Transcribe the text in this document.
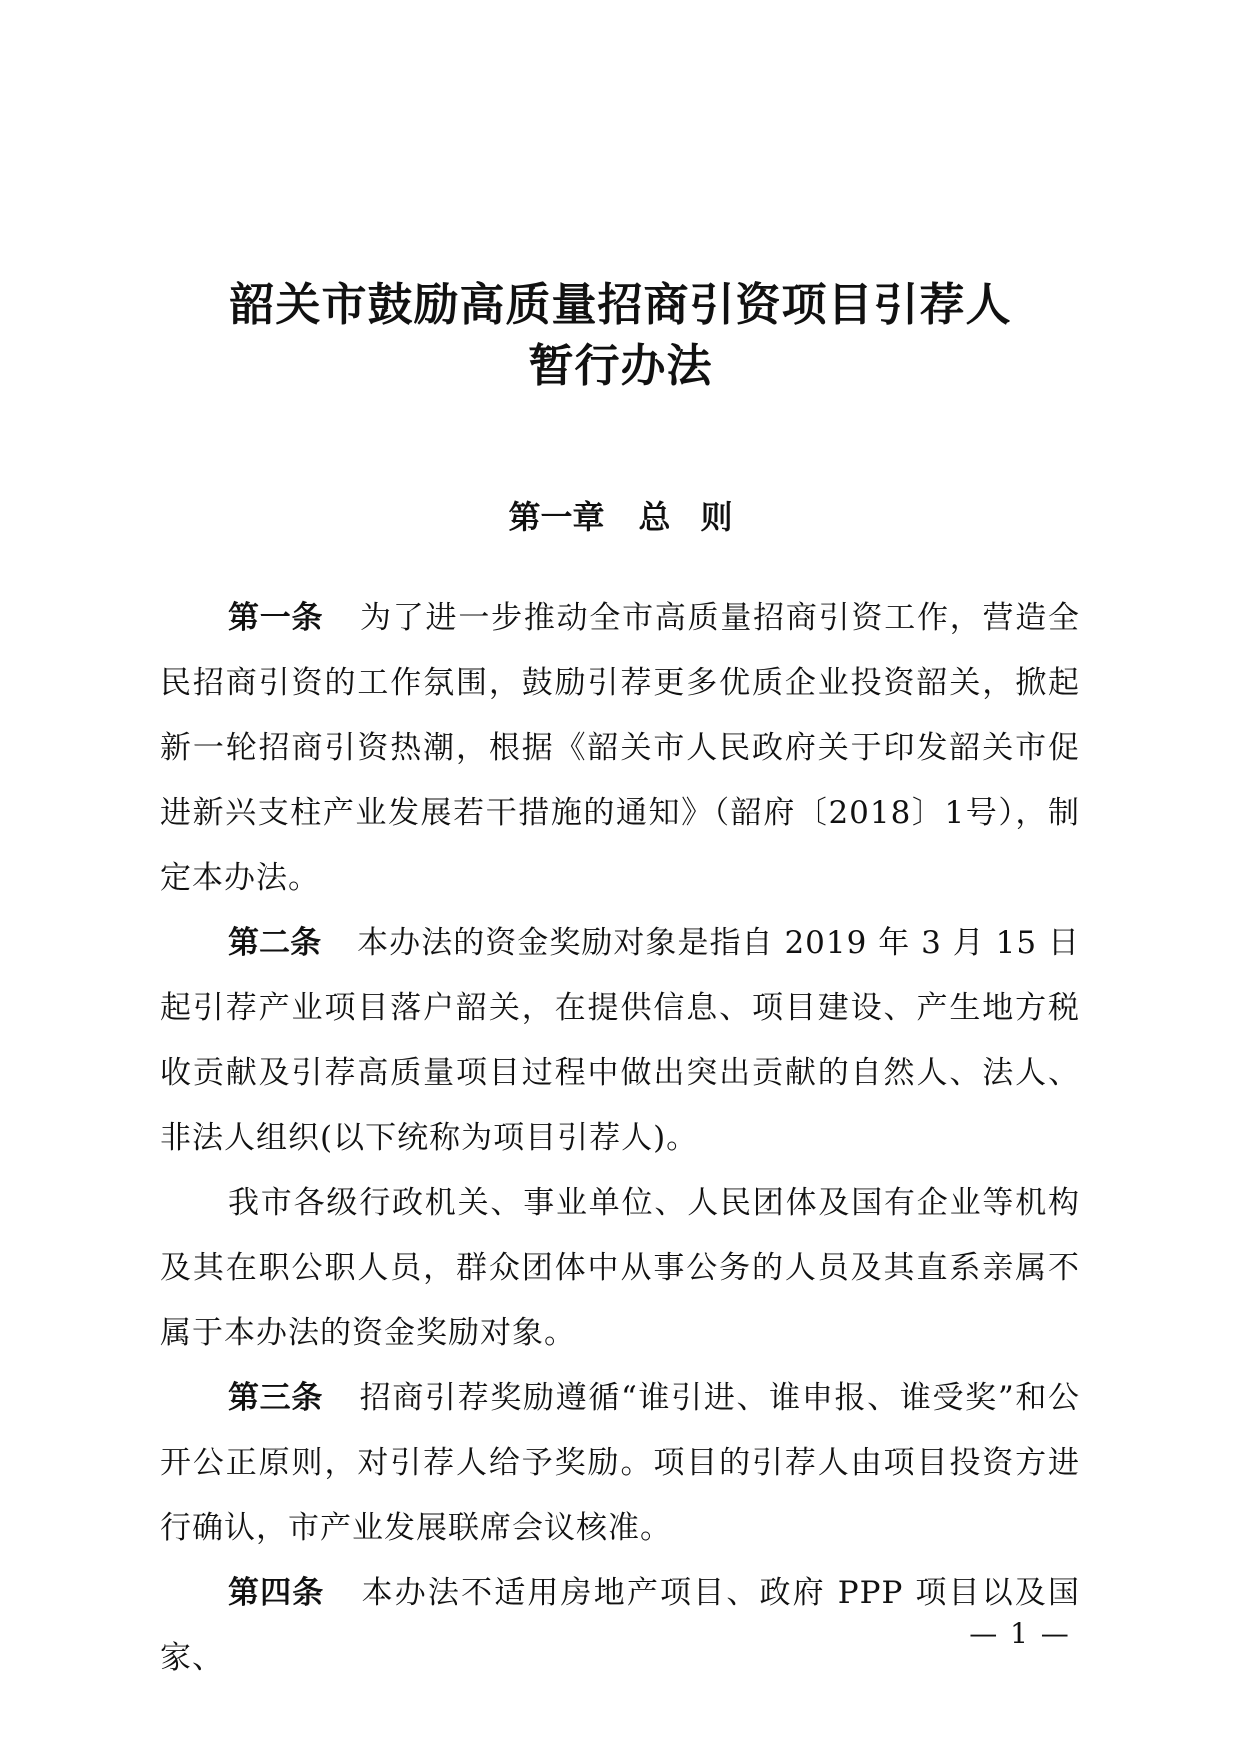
韶关市鼓励高质量招商引资项目引荐人
暂行办法
第一章 总 则

第一条 为了进一步推动全市高质量招商引资工作，营造全民招商引资的工作氛围，鼓励引荐更多优质企业投资韶关，掀起新一轮招商引资热潮，根据《韶关市人民政府关于印发韶关市促进新兴支柱产业发展若干措施的通知》（韶府〔2018〕1号），制定本办法。

第二条 本办法的资金奖励对象是指自 2019 年 3 月 15 日起引荐产业项目落户韶关，在提供信息、项目建设、产生地方税收贡献及引荐高质量项目过程中做出突出贡献的自然人、法人、非法人组织(以下统称为项目引荐人)。

我市各级行政机关、事业单位、人民团体及国有企业等机构及其在职公职人员，群众团体中从事公务的人员及其直系亲属不属于本办法的资金奖励对象。

第三条 招商引荐奖励遵循“谁引进、谁申报、谁受奖”和公开公正原则，对引荐人给予奖励。项目的引荐人由项目投资方进行确认，市产业发展联席会议核准。

第四条 本办法不适用房地产项目、政府 PPP 项目以及国家、

— 1 —
